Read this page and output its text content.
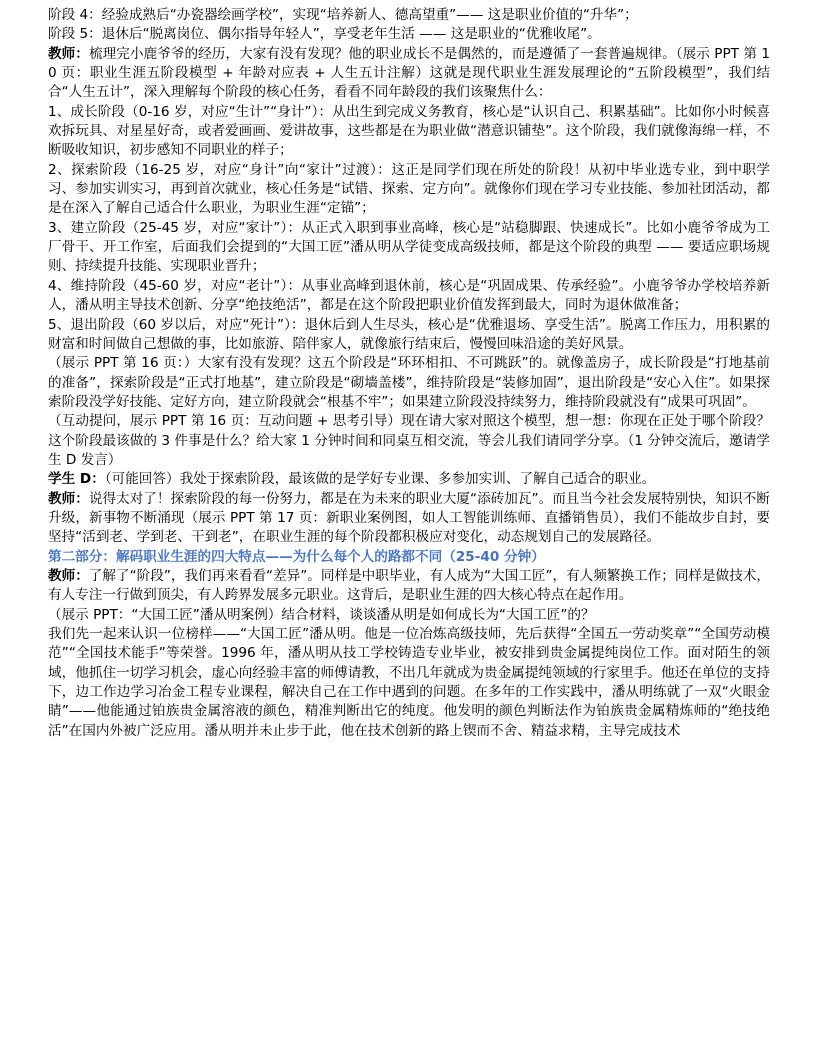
阶段 4：经验成熟后“办瓷器绘画学校”，实现“培养新人、德高望重”—— 这是职业价值的“升华”；

阶段 5：退休后“脱离岗位、偶尔指导年轻人”，享受老年生活 —— 这是职业的“优雅收尾”。

教师：梳理完小鹿爷爷的经历，大家有没有发现？他的职业成长不是偶然的，而是遵循了一套普遍规律。（展示 PPT 第 10 页：职业生涯五阶段模型 + 年龄对应表 + 人生五计注解）这就是现代职业生涯发展理论的“五阶段模型”，我们结合“人生五计”，深入理解每个阶段的核心任务，看看不同年龄段的我们该聚焦什么：

1、成长阶段（0-16 岁，对应“生计”“身计”）：从出生到完成义务教育，核心是“认识自己、积累基础”。比如你小时候喜欢拆玩具、对星星好奇，或者爱画画、爱讲故事，这些都是在为职业做“潜意识铺垫”。这个阶段，我们就像海绵一样，不断吸收知识，初步感知不同职业的样子；

2、探索阶段（16-25 岁，对应“身计”向“家计”过渡）：这正是同学们现在所处的阶段！从初中毕业选专业，到中职学习、参加实训实习，再到首次就业，核心任务是“试错、探索、定方向”。就像你们现在学习专业技能、参加社团活动，都是在深入了解自己适合什么职业，为职业生涯“定锚”；

3、建立阶段（25-45 岁，对应“家计”）：从正式入职到事业高峰，核心是“站稳脚跟、快速成长”。比如小鹿爷爷成为工厂骨干、开工作室，后面我们会提到的“大国工匠”潘从明从学徒变成高级技师，都是这个阶段的典型 —— 要适应职场规则、持续提升技能、实现职业晋升；

4、维持阶段（45-60 岁，对应“老计”）：从事业高峰到退休前，核心是“巩固成果、传承经验”。小鹿爷爷办学校培养新人，潘从明主导技术创新、分享“绝技绝活”，都是在这个阶段把职业价值发挥到最大，同时为退休做准备；

5、退出阶段（60 岁以后，对应“死计”）：退休后到人生尽头，核心是“优雅退场、享受生活”。脱离工作压力，用积累的财富和时间做自己想做的事，比如旅游、陪伴家人，就像旅行结束后，慢慢回味沿途的美好风景。

（展示 PPT 第 16 页：）大家有没有发现？这五个阶段是“环环相扣、不可跳跃”的。就像盖房子，成长阶段是“打地基前的准备”，探索阶段是“正式打地基”，建立阶段是“砌墙盖楼”，维持阶段是“装修加固”，退出阶段是“安心入住”。如果探索阶段没学好技能、定好方向，建立阶段就会“根基不牢”；如果建立阶段没持续努力，维持阶段就没有“成果可巩固”。

（互动提问，展示 PPT 第 16 页：互动问题 + 思考引导）现在请大家对照这个模型，想一想：你现在正处于哪个阶段？这个阶段最该做的 3 件事是什么？给大家 1 分钟时间和同桌互相交流，等会儿我们请同学分享。（1 分钟交流后，邀请学生 D 发言）

学生 D：（可能回答）我处于探索阶段，最该做的是学好专业课、多参加实训、了解自己适合的职业。

教师：说得太对了！探索阶段的每一份努力，都是在为未来的职业大厦“添砖加瓦”。而且当今社会发展特别快，知识不断升级，新事物不断涌现（展示 PPT 第 17 页：新职业案例图，如人工智能训练师、直播销售员），我们不能故步自封，要坚持“活到老、学到老、干到老”，在职业生涯的每个阶段都积极应对变化，动态规划自己的发展路径。

第二部分：解码职业生涯的四大特点——为什么每个人的路都不同（25-40 分钟）

教师：了解了“阶段”，我们再来看看“差异”。同样是中职毕业，有人成为“大国工匠”，有人频繁换工作；同样是做技术，有人专注一行做到顶尖，有人跨界发展多元职业。这背后，是职业生涯的四大核心特点在起作用。

（展示 PPT：“大国工匠”潘从明案例）结合材料，谈谈潘从明是如何成长为“大国工匠”的？

我们先一起来认识一位榜样——“大国工匠”潘从明。他是一位冶炼高级技师，先后获得“全国五一劳动奖章”“全国劳动模范”“全国技术能手”等荣誉。1996 年，潘从明从技工学校铸造专业毕业，被安排到贵金属提纯岗位工作。面对陌生的领域，他抓住一切学习机会，虚心向经验丰富的师傅请教，不出几年就成为贵金属提纯领域的行家里手。他还在单位的支持下，边工作边学习冶金工程专业课程，解决自己在工作中遇到的问题。在多年的工作实践中，潘从明练就了一双“火眼金睛”——他能通过铂族贵金属溶液的颜色，精准判断出它的纯度。他发明的颜色判断法作为铂族贵金属精炼师的“绝技绝活”在国内外被广泛应用。潘从明并未止步于此，他在技术创新的路上锲而不舍、精益求精，主导完成技术
